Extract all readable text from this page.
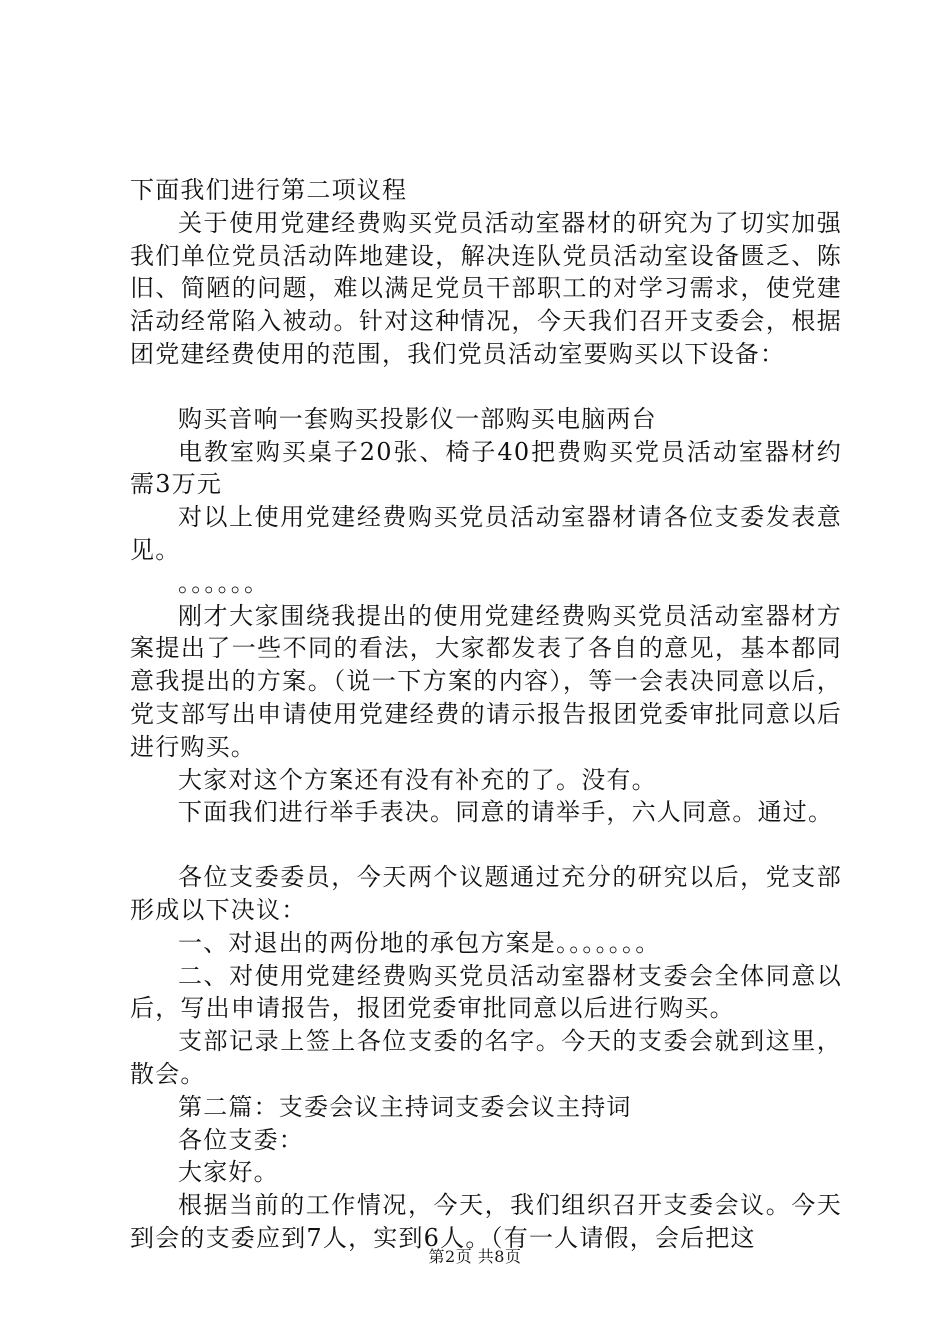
下面我们进行第二项议程

关于使用党建经费购买党员活动室器材的研究为了切实加强我们单位党员活动阵地建设，解决连队党员活动室设备匮乏、陈旧、简陋的问题，难以满足党员干部职工的对学习需求，使党建活动经常陷入被动。针对这种情况，今天我们召开支委会，根据团党建经费使用的范围，我们党员活动室要购买以下设备：

购买音响一套购买投影仪一部购买电脑两台

电教室购买桌子20张、椅子40把费购买党员活动室器材约需3万元

对以上使用党建经费购买党员活动室器材请各位支委发表意见。

。。。。。。

刚才大家围绕我提出的使用党建经费购买党员活动室器材方案提出了一些不同的看法，大家都发表了各自的意见，基本都同意我提出的方案。（说一下方案的内容），等一会表决同意以后，党支部写出申请使用党建经费的请示报告报团党委审批同意以后进行购买。

大家对这个方案还有没有补充的了。没有。

下面我们进行举手表决。同意的请举手，六人同意。通过。

各位支委委员，今天两个议题通过充分的研究以后，党支部形成以下决议：

一、对退出的两份地的承包方案是。。。。。。。

二、对使用党建经费购买党员活动室器材支委会全体同意以后，写出申请报告，报团党委审批同意以后进行购买。

支部记录上签上各位支委的名字。今天的支委会就到这里，散会。

第二篇：支委会议主持词支委会议主持词

各位支委：

大家好。

根据当前的工作情况，今天，我们组织召开支委会议。今天到会的支委应到7人，实到6人。（有一人请假，会后把这

第2页 共8页
